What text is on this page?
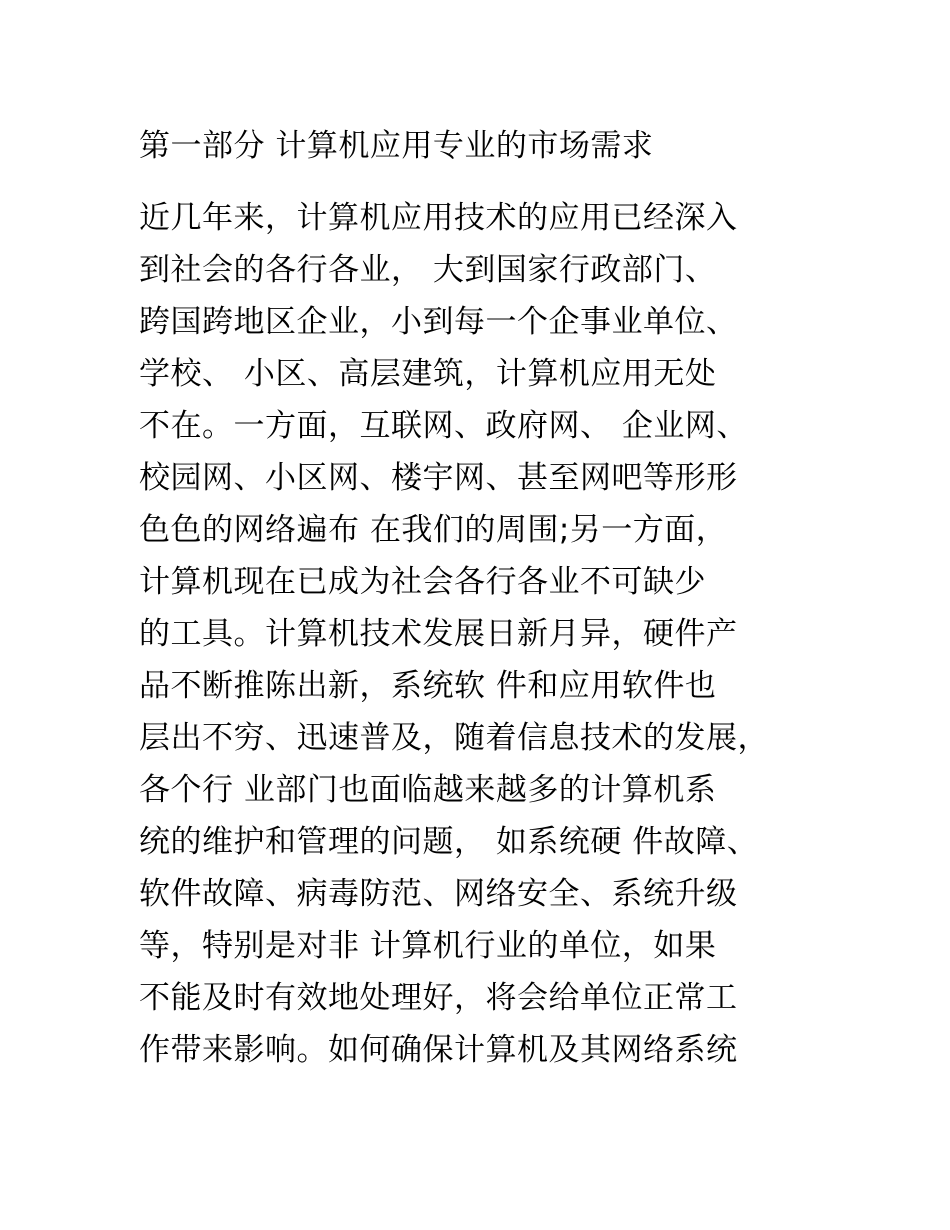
第一部分 计算机应用专业的市场需求
近几年来，计算机应用技术的应用已经深入
到社会的各行各业， 大到国家行政部门、
跨国跨地区企业，小到每一个企事业单位、
学校、 小区、高层建筑，计算机应用无处
不在。一方面，互联网、政府网、 企业网、
校园网、小区网、楼宇网、甚至网吧等形形
色色的网络遍布 在我们的周围;另一方面，
计算机现在已成为社会各行各业不可缺少
的工具。计算机技术发展日新月异，硬件产
品不断推陈出新，系统软 件和应用软件也
层出不穷、迅速普及，随着信息技术的发展，
各个行 业部门也面临越来越多的计算机系
统的维护和管理的问题， 如系统硬 件故障、
软件故障、病毒防范、网络安全、系统升级
等，特别是对非 计算机行业的单位，如果
不能及时有效地处理好，将会给单位正常工
作带来影响。如何确保计算机及其网络系统
